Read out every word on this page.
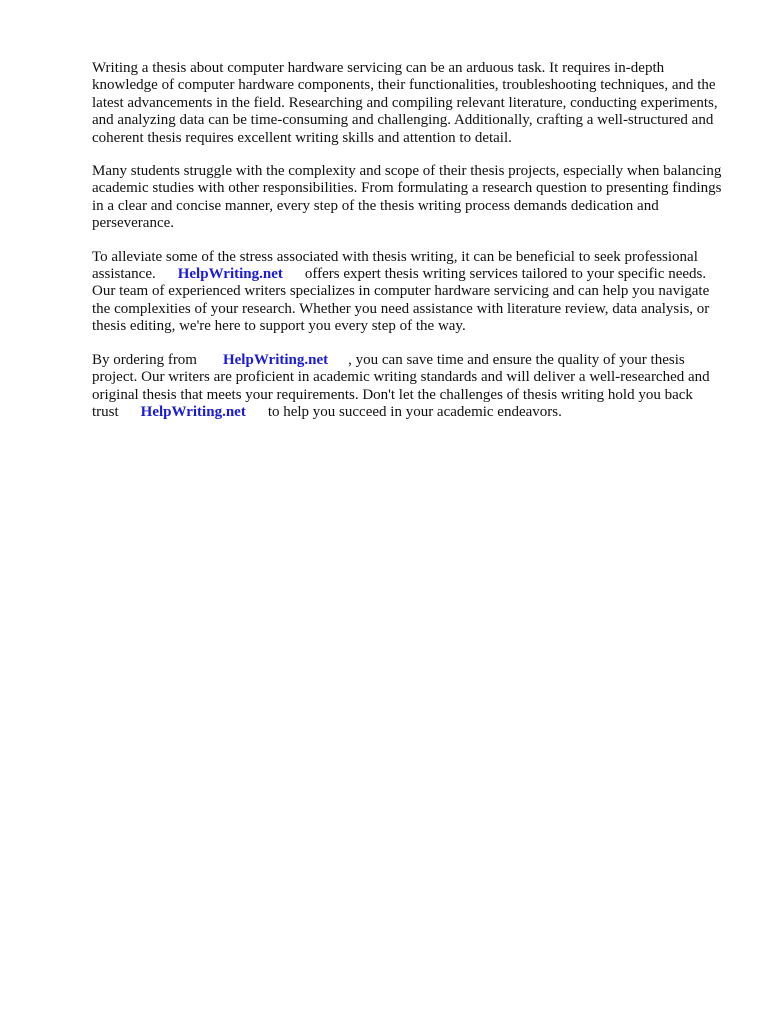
Writing a thesis about computer hardware servicing can be an arduous task. It requires in-depth knowledge of computer hardware components, their functionalities, troubleshooting techniques, and the latest advancements in the field. Researching and compiling relevant literature, conducting experiments, and analyzing data can be time-consuming and challenging. Additionally, crafting a well-structured and coherent thesis requires excellent writing skills and attention to detail.

Many students struggle with the complexity and scope of their thesis projects, especially when balancing academic studies with other responsibilities. From formulating a research question to presenting findings in a clear and concise manner, every step of the thesis writing process demands dedication and perseverance.

To alleviate some of the stress associated with thesis writing, it can be beneficial to seek professional assistance. HelpWriting.net offers expert thesis writing services tailored to your specific needs. Our team of experienced writers specializes in computer hardware servicing and can help you navigate the complexities of your research. Whether you need assistance with literature review, data analysis, or thesis editing, we're here to support you every step of the way.

By ordering from HelpWriting.net , you can save time and ensure the quality of your thesis project. Our writers are proficient in academic writing standards and will deliver a well-researched and original thesis that meets your requirements. Don't let the challenges of thesis writing hold you backtrust HelpWriting.net to help you succeed in your academic endeavors.
